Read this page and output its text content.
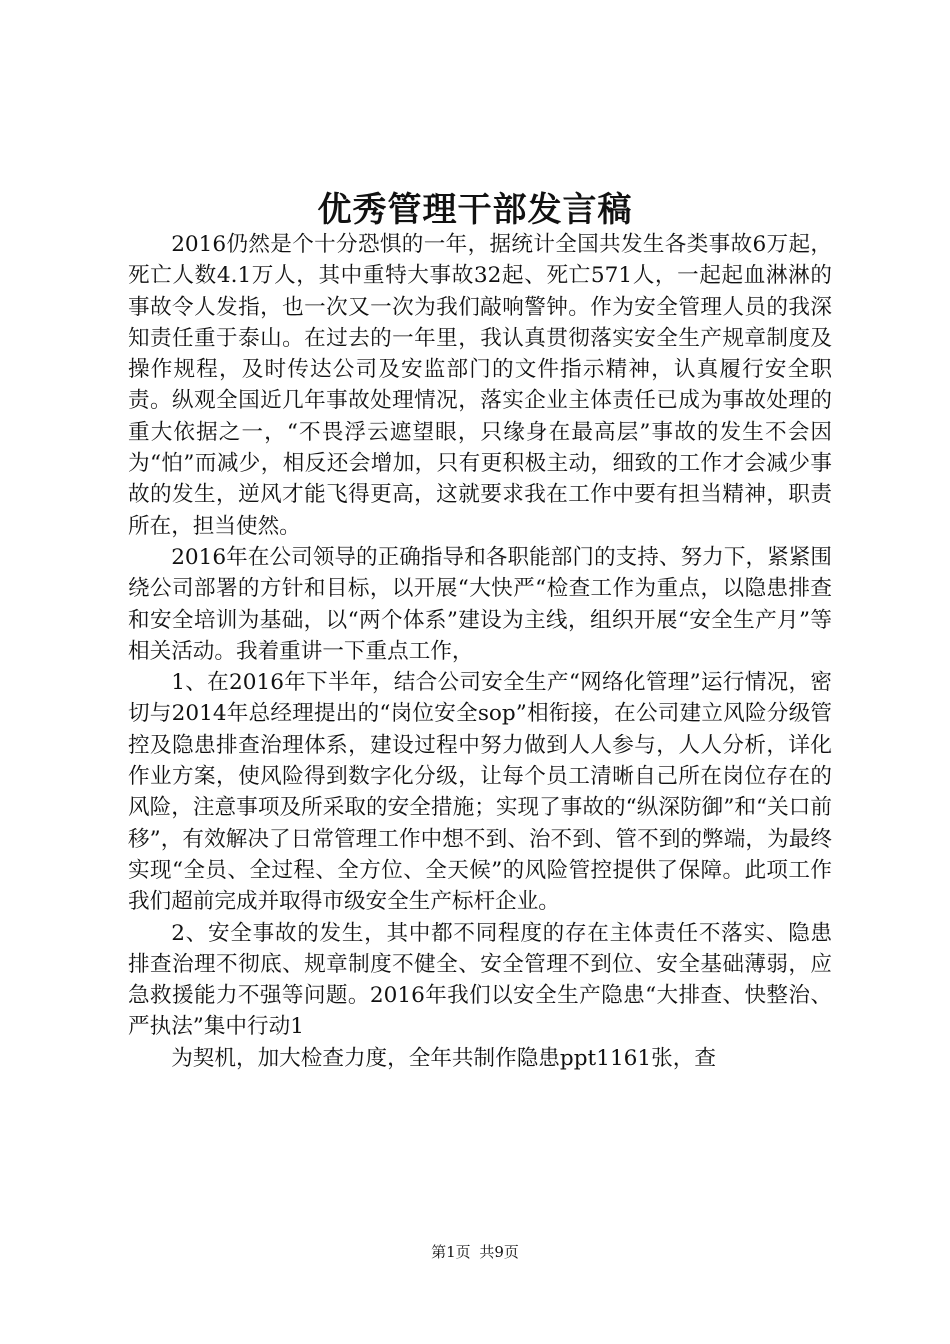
优秀管理干部发言稿

2016仍然是个十分恐惧的一年，据统计全国共发生各类事故6万起，死亡人数4.1万人，其中重特大事故32起、死亡571人，一起起血淋淋的事故令人发指，也一次又一次为我们敲响警钟。作为安全管理人员的我深知责任重于泰山。在过去的一年里，我认真贯彻落实安全生产规章制度及操作规程，及时传达公司及安监部门的文件指示精神，认真履行安全职责。纵观全国近几年事故处理情况，落实企业主体责任已成为事故处理的重大依据之一，“不畏浮云遮望眼，只缘身在最高层”事故的发生不会因为“怕”而减少，相反还会增加，只有更积极主动，细致的工作才会减少事故的发生，逆风才能飞得更高，这就要求我在工作中要有担当精神，职责所在，担当使然。

2016年在公司领导的正确指导和各职能部门的支持、努力下，紧紧围绕公司部署的方针和目标，以开展“大快严“检查工作为重点，以隐患排查和安全培训为基础，以“两个体系”建设为主线，组织开展“安全生产月”等相关活动。我着重讲一下重点工作，

1、在2016年下半年，结合公司安全生产“网络化管理”运行情况，密切与2014年总经理提出的“岗位安全sop”相衔接，在公司建立风险分级管控及隐患排查治理体系，建设过程中努力做到人人参与，人人分析，详化作业方案，使风险得到数字化分级，让每个员工清晰自己所在岗位存在的风险，注意事项及所采取的安全措施；实现了事故的“纵深防御”和“关口前移”，有效解决了日常管理工作中想不到、治不到、管不到的弊端，为最终实现“全员、全过程、全方位、全天候”的风险管控提供了保障。此项工作我们超前完成并取得市级安全生产标杆企业。

2、安全事故的发生，其中都不同程度的存在主体责任不落实、隐患排查治理不彻底、规章制度不健全、安全管理不到位、安全基础薄弱，应急救援能力不强等问题。2016年我们以安全生产隐患“大排查、快整治、严执法”集中行动1

为契机，加大检查力度，全年共制作隐患ppt1161张，查

第1页 共9页
